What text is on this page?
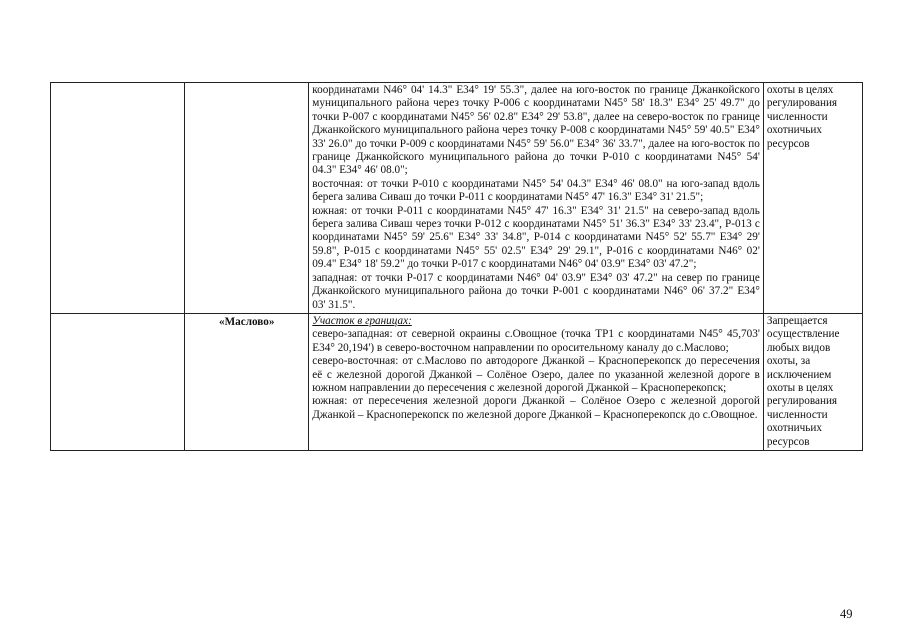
		координатами N46° 04' 14.3" E34° 19' 55.3", далее на юго-восток по границе Джанкойского муниципального района через точку Р-006 с координатами N45° 58' 18.3" E34° 25' 49.7" до точки Р-007 с координатами N45° 56' 02.8" E34° 29' 53.8", далее на северо-восток по границе Джанкойского муниципального района через точку Р-008 с координатами N45° 59' 40.5" E34° 33' 26.0" до точки Р-009 с координатами N45° 59' 56.0" E34° 36' 33.7", далее на юго-восток по границе Джанкойского муниципального района до точки Р-010 с координатами N45° 54' 04.3" E34° 46' 08.0";

восточная: от точки Р-010 с координатами N45° 54' 04.3" E34° 46' 08.0" на юго-запад вдоль берега залива Сиваш до точки Р-011 с координатами N45° 47' 16.3" E34° 31' 21.5";

южная: от точки Р-011 с координатами N45° 47' 16.3" E34° 31' 21.5" на северо-запад вдоль берега залива Сиваш через точки Р-012 с координатами N45° 51' 36.3" E34° 33' 23.4", Р-013 с координатами N45° 59' 25.6" E34° 33' 34.8", Р-014 с координатами N45° 52' 55.7" E34° 29' 59.8", Р-015 с координатами N45° 55' 02.5" E34° 29' 29.1", Р-016 с координатами N46° 02' 09.4" E34° 18' 59.2" до точки Р-017 с координатами N46° 04' 03.9" E34° 03' 47.2";

западная: от точки Р-017 с координатами N46° 04' 03.9" E34° 03' 47.2" на север по границе Джанкойского муниципального района до точки Р-001 с координатами N46° 06' 37.2" E34° 03' 31.5".	охоты в целях регулирования численности охотничьих ресурсов

	«Маслово»	Участок в границах:

северо-западная: от северной окраины с.Овощное (точка ТР1 с координатами N45° 45,703' E34° 20,194') в северо-восточном направлении по оросительному каналу до с.Маслово;

северо-восточная: от с.Маслово по автодороге Джанкой – Красноперекопск до пересечения её с железной дорогой Джанкой – Солёное Озеро, далее по указанной железной дороге в южном направлении до пересечения с железной дорогой Джанкой – Красноперекопск;

южная: от пересечения железной дороги Джанкой – Солёное Озеро с железной дорогой Джанкой – Красноперекопск по железной дороге Джанкой – Красноперекопск до с.Овощное.	Запрещается осуществление любых видов охоты, за исключением охоты в целях регулирования численности охотничьих ресурсов
49
